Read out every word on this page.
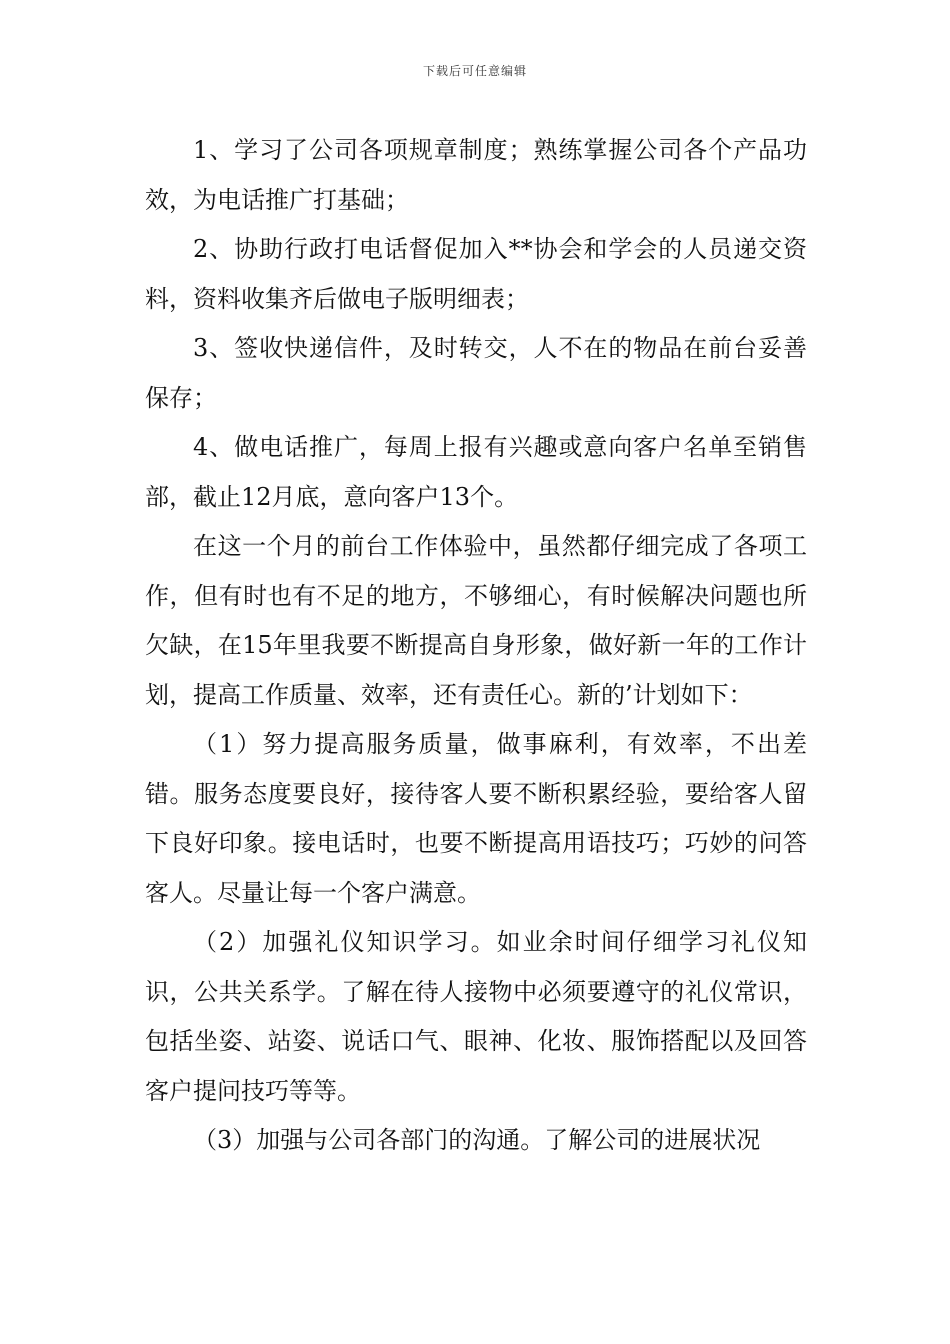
下载后可任意编辑

1、学习了公司各项规章制度；熟练掌握公司各个产品功效，为电话推广打基础；

2、协助行政打电话督促加入**协会和学会的人员递交资料，资料收集齐后做电子版明细表；

3、签收快递信件，及时转交，人不在的物品在前台妥善保存；

4、做电话推广，每周上报有兴趣或意向客户名单至销售部，截止12月底，意向客户13个。

在这一个月的前台工作体验中，虽然都仔细完成了各项工作，但有时也有不足的地方，不够细心，有时候解决问题也所欠缺，在15年里我要不断提高自身形象，做好新一年的工作计划，提高工作质量、效率，还有责任心。新的’计划如下：

（1）努力提高服务质量，做事麻利，有效率，不出差错。服务态度要良好，接待客人要不断积累经验，要给客人留下良好印象。接电话时，也要不断提高用语技巧；巧妙的问答客人。尽量让每一个客户满意。

（2）加强礼仪知识学习。如业余时间仔细学习礼仪知识，公共关系学。了解在待人接物中必须要遵守的礼仪常识，包括坐姿、站姿、说话口气、眼神、化妆、服饰搭配以及回答客户提问技巧等等。

（3）加强与公司各部门的沟通。了解公司的进展状况
